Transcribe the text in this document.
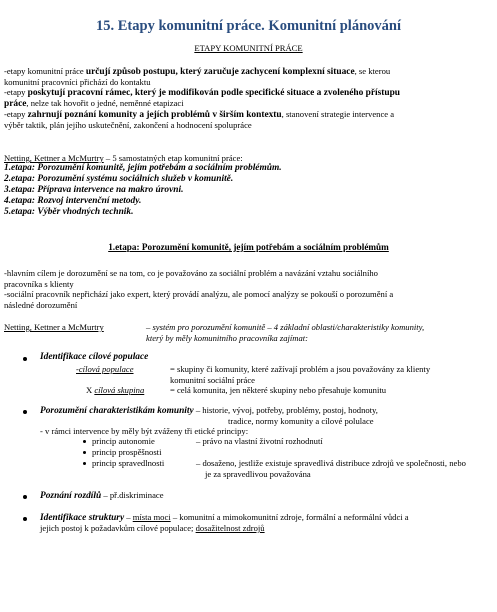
15. Etapy komunitní práce. Komunitní plánování
ETAPY KOMUNITNÍ PRÁCE
-etapy komunitní práce určují způsob postupu, který zaručuje zachycení komplexní situace, se kterou
komunitní pracovníci přichází do kontaktu
-etapy poskytují pracovní rámec, který je modifikován podle specifické situace a zvoleného přístupu
práce, nelze tak hovořit o jedné, neměnné etapizaci
-etapy zahrnují poznání komunity a jejích problémů v širším kontextu, stanovení strategie intervence a
výběr taktik, plán jejího uskutečnění, zakončení a hodnocení spolupráce
Netting, Kettner a McMurtry – 5 samostatných etap komunitní práce:
1.etapa: Porozumění komunitě, jejím potřebám a sociálním problémům.
2.etapa: Porozumění systému sociálních služeb v komunitě.
3.etapa: Příprava intervence na makro úrovni.
4.etapa: Rozvoj intervenční metody.
5.etapa: Výběr vhodných technik.
1.etapa: Porozumění komunitě, jejím potřebám a sociálním problémům
-hlavním cílem je dorozumění se na tom, co je považováno za sociální problém a navázání vztahu sociálního
pracovníka s klienty
-sociální pracovník nepřichází jako expert, který provádí analýzu, ale pomocí analýzy se pokouší o porozumění a
následné dorozumění
Netting, Kettner a McMurtry	– systém pro porozumění komunitě – 4 základní oblasti/charakteristiky komunity,
který by měly komunitního pracovníka zajímat:
Identifikace cílové populace
-cílová populace	= skupiny či komunity, které zažívají problém a jsou považovány za klienty
komunitní sociální práce
X cílová skupina	= celá komunita, jen některé skupiny nebo přesahuje komunitu
Porozumění charakteristikám komunity – historie, vývoj, potřeby, problémy, postoj, hodnoty,
tradice, normy komunity a cílové polulace
- v rámci intervence by měly být zváženy tři etické principy:
princip autonomie	– právo na vlastní životní rozhodnutí
princip prospěšnosti
princip spravedlnosti	– dosaženo, jestliže existuje spravedlivá distribuce zdrojů ve společnosti, nebo
je za spravedlivou považována
Poznání rozdílů – př.diskriminace
Identifikace struktury – místa moci – komunitní a mimokomunitní zdroje, formální a neformální vůdci a
jejich postoj k požadavkům cílové populace; dosažitelnost zdrojů
